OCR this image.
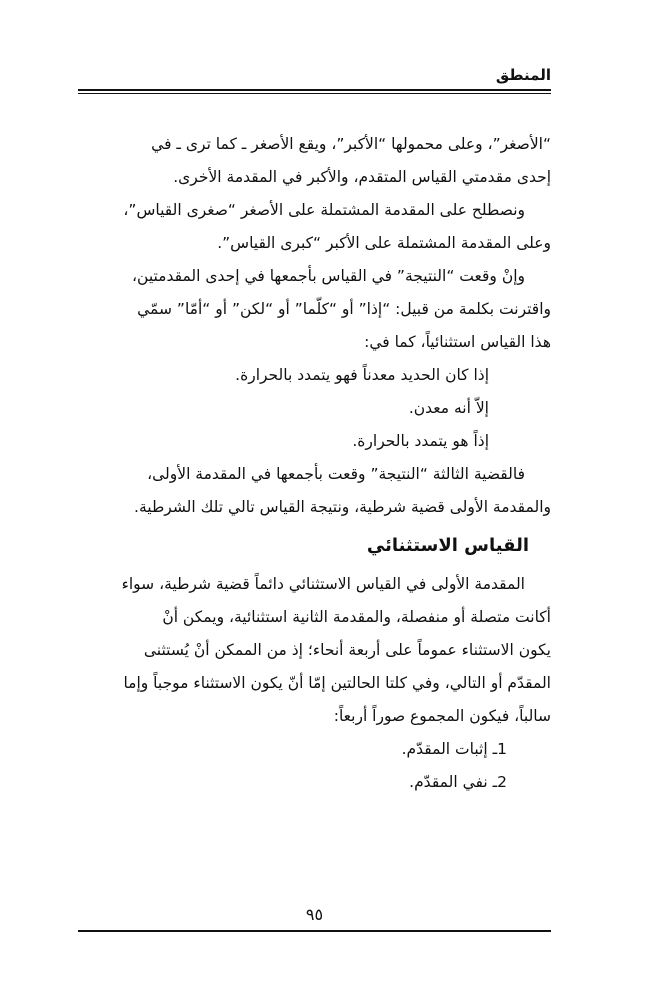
المنطق
“الأصغر”، وعلى محمولها “الأكبر”، ويقع الأصغر ـ كما ترى ـ في
إحدى مقدمتي القياس المتقدم، والأكبر في المقدمة الأخرى.
ونصطلح على المقدمة المشتملة على الأصغر “صغرى القياس”،
وعلى المقدمة المشتملة على الأكبر “كبرى القياس”.
وإنْ وقعت “النتيجة” في القياس بأجمعها في إحدى المقدمتين،
واقترنت بكلمة من قبيل: “إذا” أو “كلّما” أو “لكن” أو “أمّا” سمّي
هذا القياس استثنائياً، كما في:
إذا كان الحديد معدناً فهو يتمدد بالحرارة.
إلاّ أنه معدن.
إذاً هو يتمدد بالحرارة.
فالقضية الثالثة “النتيجة” وقعت بأجمعها في المقدمة الأولى،
والمقدمة الأولى قضية شرطية، ونتيجة القياس تالي تلك الشرطية.
القياس الاستثنائي
المقدمة الأولى في القياس الاستثنائي دائماً قضية شرطية، سواء
أكانت متصلة أو منفصلة، والمقدمة الثانية استثنائية، ويمكن أنْ
يكون الاستثناء عموماً على أربعة أنحاء؛ إذ من الممكن أنْ يُستثنى
المقدّم أو التالي، وفي كلتا الحالتين إمّا أنّ يكون الاستثناء موجباً وإما
سالباً، فيكون المجموع صوراً أربعاً:
1ـ إثبات المقدّم.
2ـ نفي المقدّم.
٩٥
